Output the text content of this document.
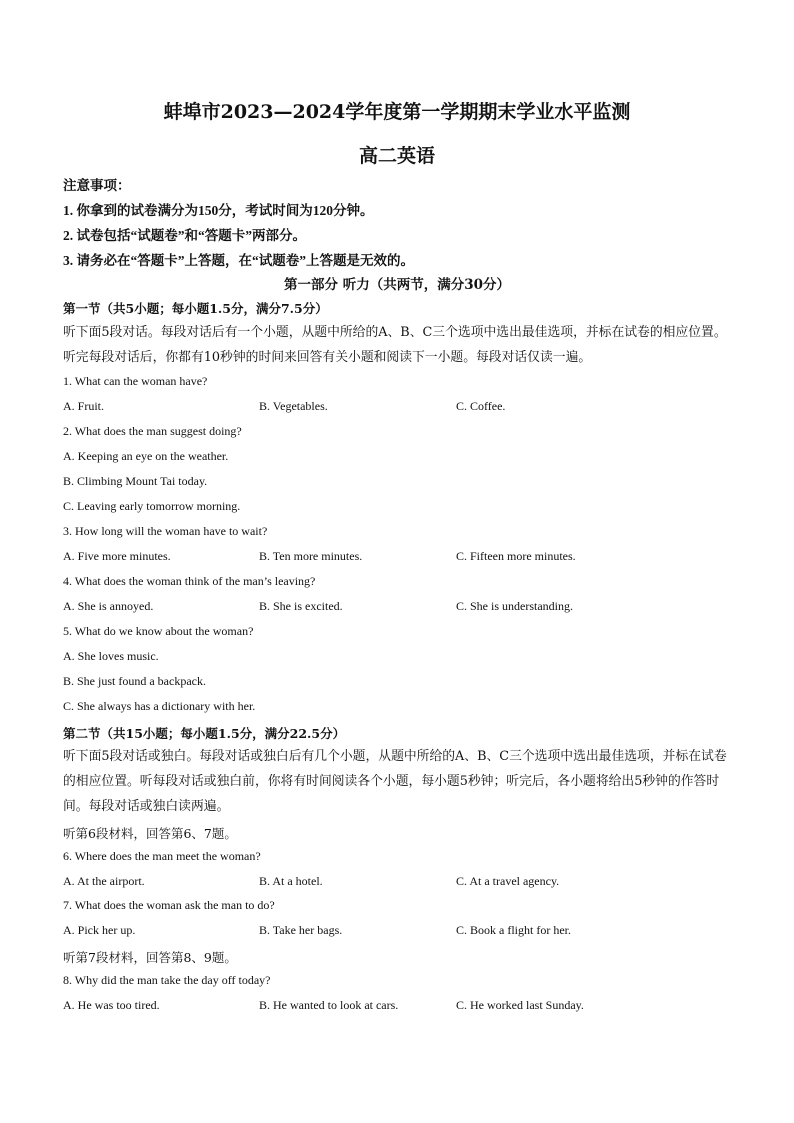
蚌埠市2023—2024学年度第一学期期末学业水平监测
高二英语
注意事项：
1. 你拿到的试卷满分为150分，考试时间为120分钟。
2. 试卷包括“试题卷”和“答题卡”两部分。
3. 请务必在“答题卡”上答题，在“试题卷”上答题是无效的。
第一部分 听力（共两节，满分30分）
第一节（共5小题；每小题1.5分，满分7.5分）
听下面5段对话。每段对话后有一个小题，从题中所给的A、B、C三个选项中选出最佳选项，并标在试卷的相应位置。听完每段对话后，你都有10秒钟的时间来回答有关小题和阅读下一小题。每段对话仅读一遍。
1. What can the woman have?
A. Fruit.	B. Vegetables.	C. Coffee.
2. What does the man suggest doing?
A. Keeping an eye on the weather.
B. Climbing Mount Tai today.
C. Leaving early tomorrow morning.
3. How long will the woman have to wait?
A. Five more minutes.	B. Ten more minutes.	C. Fifteen more minutes.
4. What does the woman think of the man’s leaving?
A. She is annoyed.	B. She is excited.	C. She is understanding.
5. What do we know about the woman?
A. She loves music.
B. She just found a backpack.
C. She always has a dictionary with her.
第二节（共15小题；每小题1.5分，满分22.5分）
听下面5段对话或独白。每段对话或独白后有几个小题，从题中所给的A、B、C三个选项中选出最佳选项，并标在试卷的相应位置。听每段对话或独白前，你将有时间阅读各个小题，每小题5秒钟；听完后，各小题将给出5秒钟的作答时间。每段对话或独白读两遍。
听第6段材料，回答第6、7题。
6. Where does the man meet the woman?
A. At the airport.	B. At a hotel.	C. At a travel agency.
7. What does the woman ask the man to do?
A. Pick her up.	B. Take her bags.	C. Book a flight for her.
听第7段材料，回答第8、9题。
8. Why did the man take the day off today?
A. He was too tired.	B. He wanted to look at cars.	C. He worked last Sunday.
